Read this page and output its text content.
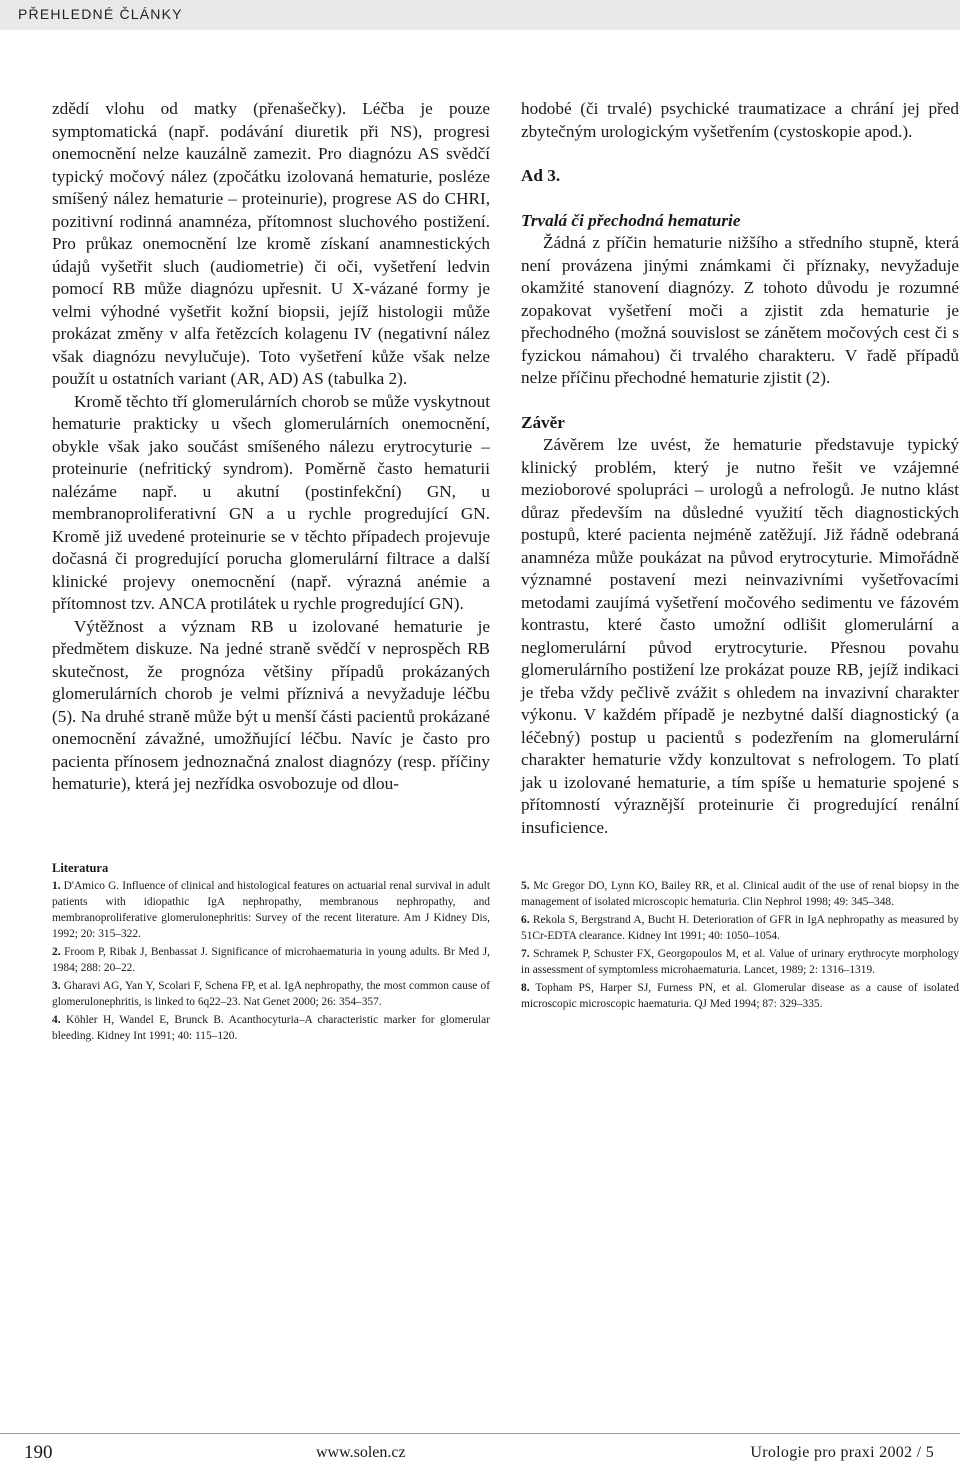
PŘEHLEDNÉ ČLÁNKY

zdědí vlohu od matky (přenašečky). Léčba je pouze symptomatická (např. podávání diuretik při NS), progresi onemocnění nelze kauzálně zamezit. Pro diagnózu AS svědčí typický močový nález (zpočátku izolovaná hematurie, posléze smíšený nález hematurie – proteinurie), progrese AS do CHRI, pozitivní rodinná anamnéza, přítomnost sluchového postižení. Pro průkaz onemocnění lze kromě získaní anamnestických údajů vyšetřit sluch (audiometrie) či oči, vyšetření ledvin pomocí RB může diagnózu upřesnit. U X-vázané formy je velmi výhodné vyšetřit kožní biopsii, jejíž histologii může prokázat změny v alfa řetězcích kolagenu IV (negativní nález však diagnózu nevylučuje). Toto vyšetření kůže však nelze použít u ostatních variant (AR, AD) AS (tabulka 2).

Kromě těchto tří glomerulárních chorob se může vyskytnout hematurie prakticky u všech glomerulárních onemocnění, obykle však jako součást smíšeného nálezu erytrocyturie – proteinurie (nefritický syndrom). Poměrně často hematurii nalézáme např. u akutní (postinfekční) GN, u membranoproliferativní GN a u rychle progredující GN. Kromě již uvedené proteinurie se v těchto případech projevuje dočasná či progredující porucha glomerulární filtrace a další klinické projevy onemocnění (např. výrazná anémie a přítomnost tzv. ANCA protilátek u rychle progredující GN).

Výtěžnost a význam RB u izolované hematurie je předmětem diskuze. Na jedné straně svědčí v neprospěch RB skutečnost, že prognóza většiny případů prokázaných glomerulárních chorob je velmi příznivá a nevyžaduje léčbu (5). Na druhé straně může být u menší části pacientů prokázané onemocnění závažné, umožňující léčbu. Navíc je často pro pacienta přínosem jednoznačná znalost diagnózy (resp. příčiny hematurie), která jej nezřídka osvobozuje od dlou-

hodobé (či trvalé) psychické traumatizace a chrání jej před zbytečným urologickým vyšetřením (cystoskopie apod.).

Ad 3.

Trvalá či přechodná hematurie

Žádná z příčin hematurie nižšího a středního stupně, která není provázena jinými známkami či příznaky, nevyžaduje okamžité stanovení diagnózy. Z tohoto důvodu je rozumné zopakovat vyšetření moči a zjistit zda hematurie je přechodného (možná souvislost se zánětem močových cest či s fyzickou námahou) či trvalého charakteru. V řadě případů nelze příčinu přechodné hematurie zjistit (2).

Závěr

Závěrem lze uvést, že hematurie představuje typický klinický problém, který je nutno řešit ve vzájemné mezioborové spolupráci – urologů a nefrologů. Je nutno klást důraz především na důsledné využití těch diagnostických postupů, které pacienta nejméně zatěžují. Již řádně odebraná anamnéza může poukázat na původ erytrocyturie. Mimořádně významné postavení mezi neinvazivními vyšetřovacími metodami zaujímá vyšetření močového sedimentu ve fázovém kontrastu, které často umožní odlišit glomerulární a neglomerulární původ erytrocyturie. Přesnou povahu glomerulárního postižení lze prokázat pouze RB, jejíž indikaci je třeba vždy pečlivě zvážit s ohledem na invazivní charakter výkonu. V každém případě je nezbytné další diagnostický (a léčebný) postup u pacientů s podezřením na glomerulární charakter hematurie vždy konzultovat s nefrologem. To platí jak u izolované hematurie, a tím spíše u hematurie spojené s přítomností výraznější proteinurie či progredující renální insuficience.

Literatura

1. D'Amico G. Influence of clinical and histological features on actuarial renal survival in adult patients with idiopathic IgA nephropathy, membranous nephropathy, and membranoproliferative glomerulonephritis: Survey of the recent literature. Am J Kidney Dis, 1992; 20: 315–322.

2. Froom P, Ribak J, Benbassat J. Significance of microhaematuria in young adults. Br Med J, 1984; 288: 20–22.

3. Gharavi AG, Yan Y, Scolari F, Schena FP, et al. IgA nephropathy, the most common cause of glomerulonephritis, is linked to 6q22–23. Nat Genet 2000; 26: 354–357.

4. Köhler H, Wandel E, Brunck B. Acanthocyturia–A characteristic marker for glomerular bleeding. Kidney Int 1991; 40: 115–120.

5. Mc Gregor DO, Lynn KO, Bailey RR, et al. Clinical audit of the use of renal biopsy in the management of isolated microscopic hematuria. Clin Nephrol 1998; 49: 345–348.

6. Rekola S, Bergstrand A, Bucht H. Deterioration of GFR in IgA nephropathy as measured by 51Cr-EDTA clearance. Kidney Int 1991; 40: 1050–1054.

7. Schramek P, Schuster FX, Georgopoulos M, et al. Value of urinary erythrocyte morphology in assessment of symptomless microhaematuria. Lancet, 1989; 2: 1316–1319.

8. Topham PS, Harper SJ, Furness PN, et al. Glomerular disease as a cause of isolated microscopic microscopic haematuria. QJ Med 1994; 87: 329–335.

190	www.solen.cz	Urologie pro praxi 2002 / 5
